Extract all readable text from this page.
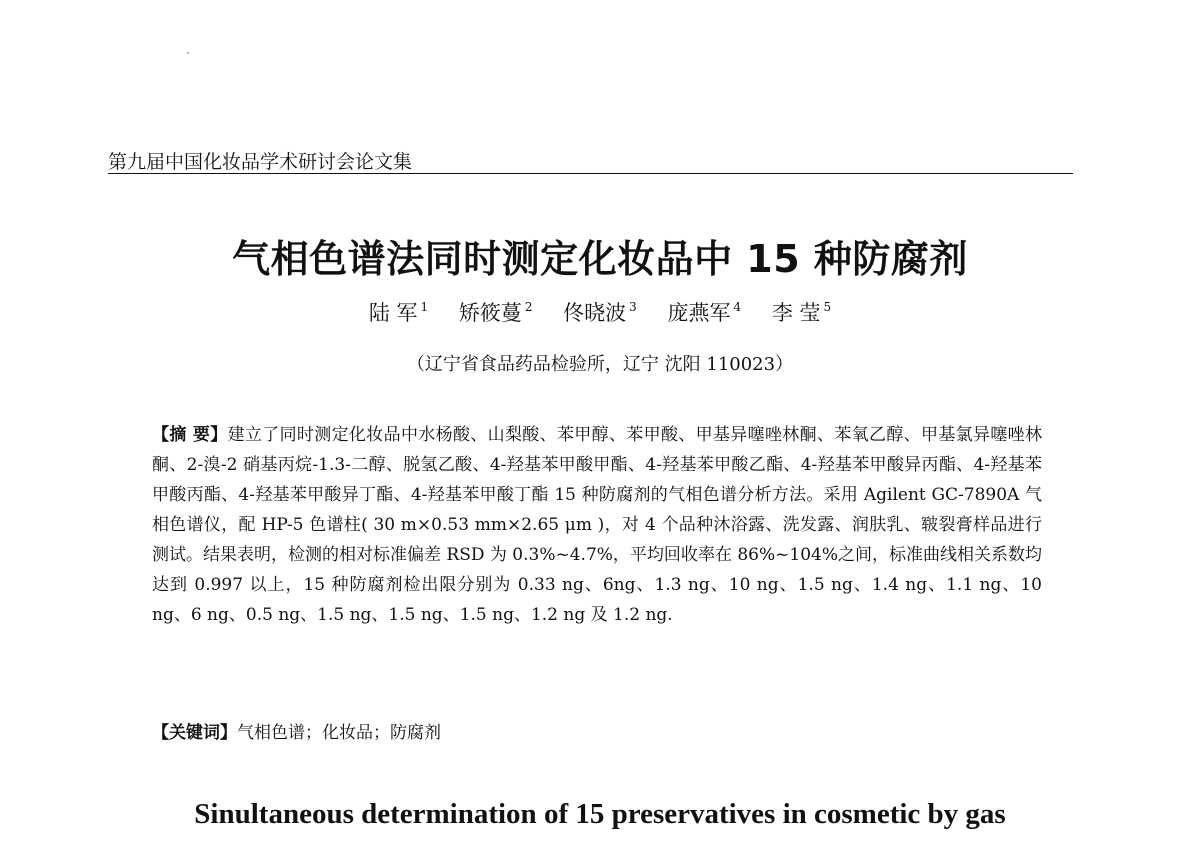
第九届中国化妆品学术研讨会论文集
气相色谱法同时测定化妆品中 15 种防腐剂
陆 军 $^1$ 矫筱蔓 $^2$ 佟晓波 $^3$ 庞燕军 $^4$ 李 莹 $^5$
（辽宁省食品药品检验所，辽宁 沈阳 110023）
【摘 要】建立了同时测定化妆品中水杨酸、山梨酸、苯甲醇、苯甲酸、甲基异噻唑林酮、苯氧乙醇、甲基氯异噻唑林酮、2-溴-2 硝基丙烷-1.3-二醇、脱氢乙酸、4-羟基苯甲酸甲酯、4-羟基苯甲酸乙酯、4-羟基苯甲酸异丙酯、4-羟基苯甲酸丙酯、4-羟基苯甲酸异丁酯、4-羟基苯甲酸丁酯 15 种防腐剂的气相色谱分析方法。采用 Agilent GC-7890A 气相色谱仪，配 HP-5 色谱柱( 30 m×0.53 mm×2.65 μm )，对 4 个品种沐浴露、洗发露、润肤乳、皲裂膏样品进行测试。结果表明，检测的相对标准偏差 RSD 为 0.3%~4.7%，平均回收率在 86%~104%之间，标准曲线相关系数均达到 0.997 以上，15 种防腐剂检出限分别为 0.33 ng、6ng、1.3 ng、10 ng、1.5 ng、1.4 ng、1.1 ng、10 ng、6 ng、0.5 ng、1.5 ng、1.5 ng、1.5 ng、1.2 ng 及 1.2 ng.
【关键词】气相色谱；化妆品；防腐剂
Sinultaneous determination of 15 preservatives in cosmetic by gas
